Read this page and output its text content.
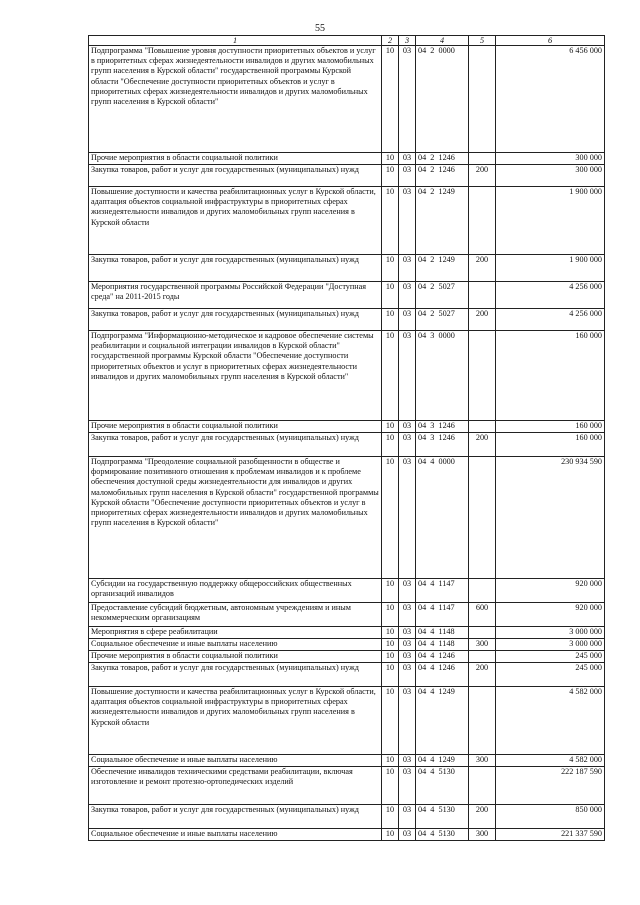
55
1	2	3	4	5	6
Подпрограмма "Повышение уровня доступности приоритетных объектов и услуг в приоритетных сферах жизнедеятельности инвалидов и других маломобильных групп населения в Курской области" государственной программы Курской области "Обеспечение доступности приоритетных объектов и услуг в приоритетных сферах жизнедеятельности инвалидов и других маломобильных групп населения в Курской области"	10	03	04  2  0000		6 456 000
Прочие мероприятия в области социальной политики	10	03	04  2  1246		300 000
Закупка товаров, работ и услуг для государственных (муниципальных) нужд	10	03	04  2  1246	200	300 000
Повышение доступности и качества реабилитационных услуг в Курской области, адаптация объектов социальной инфраструктуры в приоритетных сферах жизнедеятельности инвалидов и других маломобильных групп населения в Курской области	10	03	04  2  1249		1 900 000
Закупка товаров, работ и услуг для государственных (муниципальных) нужд	10	03	04  2  1249	200	1 900 000
Мероприятия государственной программы Российской Федерации "Доступная среда" на 2011-2015 годы	10	03	04  2  5027		4 256 000
Закупка товаров, работ и услуг для государственных (муниципальных) нужд	10	03	04  2  5027	200	4 256 000
Подпрограмма "Информационно-методическое и кадровое обеспечение системы реабилитации и социальной интеграции инвалидов в Курской области" государственной программы Курской области "Обеспечение доступности приоритетных объектов и услуг в приоритетных сферах жизнедеятельности инвалидов и других маломобильных групп населения в Курской области"	10	03	04  3  0000		160 000
Прочие мероприятия в области социальной политики	10	03	04  3  1246		160 000
Закупка товаров, работ и услуг для государственных (муниципальных) нужд	10	03	04  3  1246	200	160 000
Подпрограмма "Преодоление социальной разобщенности в обществе и формирование позитивного отношения к проблемам инвалидов и к проблеме обеспечения доступной среды жизнедеятельности для инвалидов и других маломобильных групп населения в Курской области" государственной программы Курской области "Обеспечение доступности приоритетных объектов и услуг в приоритетных сферах жизнедеятельности инвалидов и других маломобильных групп населения в Курской области"	10	03	04  4  0000		230 934 590
Субсидии на государственную поддержку общероссийских общественных организаций инвалидов	10	03	04  4  1147		920 000
Предоставление субсидий бюджетным, автономным учреждениям и иным некоммерческим организациям	10	03	04  4  1147	600	920 000
Мероприятия в сфере реабилитации	10	03	04  4  1148		3 000 000
Социальное обеспечение и иные выплаты населению	10	03	04  4  1148	300	3 000 000
Прочие мероприятия в области социальной политики	10	03	04  4  1246		245 000
Закупка товаров, работ и услуг для государственных (муниципальных) нужд	10	03	04  4  1246	200	245 000
Повышение доступности и качества реабилитационных услуг в Курской области, адаптация объектов социальной инфраструктуры в приоритетных сферах жизнедеятельности инвалидов и других маломобильных групп населения в Курской области	10	03	04  4  1249		4 582 000
Социальное обеспечение и иные выплаты населению	10	03	04  4  1249	300	4 582 000
Обеспечение инвалидов техническими средствами реабилитации, включая изготовление и ремонт протезно-ортопедических изделий	10	03	04  4  5130		222 187 590
Закупка товаров, работ и услуг для государственных (муниципальных) нужд	10	03	04  4  5130	200	850 000
Социальное обеспечение и иные выплаты населению	10	03	04  4  5130	300	221 337 590
